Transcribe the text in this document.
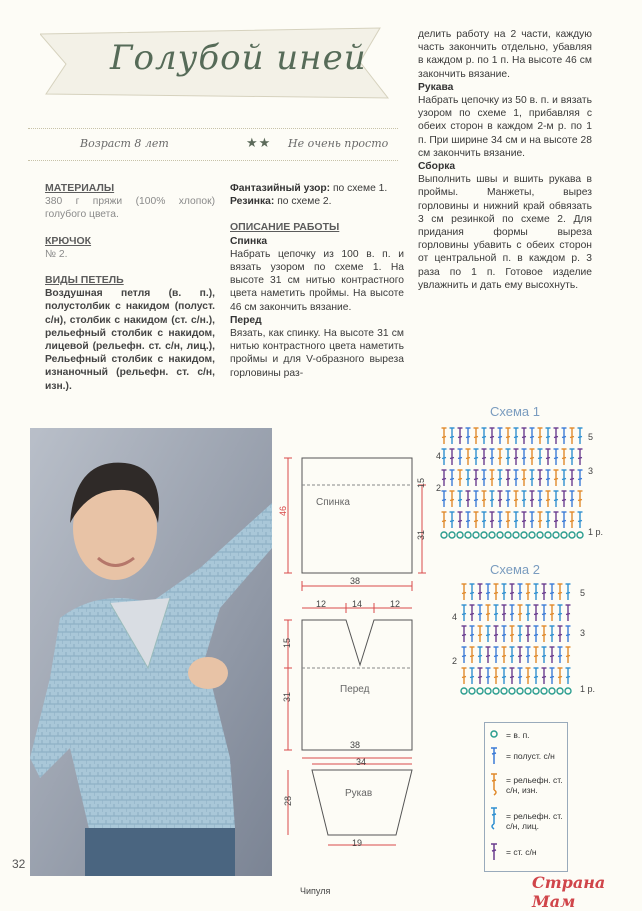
Голубой иней
Возраст 8 лет	★★ Не очень просто
МАТЕРИАЛЫ
380 г пряжи (100% хлопок) голубого цвета.
КРЮЧОК
№ 2.
ВИДЫ ПЕТЕЛЬ
Воздушная петля (в. п.), полустолбик с накидом (полуст. с/н), столбик с накидом (ст. с/н.), рельефный столбик с накидом, лицевой (рельефн. ст. с/н, лиц.), Рельефный столбик с накидом, изнаночный (рельефн. ст. с/н, изн.).
Фантазийный узор: по схеме 1.
Резинка: по схеме 2.
ОПИСАНИЕ РАБОТЫ
Спинка
Набрать цепочку из 100 в. п. и вязать узором по схеме 1. На высоте 31 см нитью контрастного цвета наметить проймы. На высоте 46 см закончить вязание.
Перед
Вязать, как спинку. На высоте 31 см нитью контрастного цвета наметить проймы и для V-образного выреза горловины раз-
делить работу на 2 части, каждую часть закончить отдельно, убавляя в каждом р. по 1 п. На высоте 46 см закончить вязание.
Рукава
Набрать цепочку из 50 в. п. и вязать узором по схеме 1, прибавляя с обеих сторон в каждом 2-м р. по 1 п. При ширине 34 см и на высоте 28 см закончить вязание.
Сборка
Выполнить швы и вшить рукава в проймы. Манжеты, вырез горловины и нижний край обвязать 3 см резинкой по схеме 2. Для придания формы выреза горловины убавить с обеих сторон от центральной п. в каждом р. 3 раза по 1 п. Готовое изделие увлажнить и дать ему высохнуть.
Спинка
46
15
31
38
12	14	12
15
31
Перед
38
34
Рукав
28
19
Схема 1
5
3
1 р.
4
2
Схема 2
5
3
1 р.
4
2
= в. п.
= полуст. с/н
= рельефн. ст. с/н, изн.
= рельефн. ст. с/н, лиц.
= ст. с/н
32
Чипуля	Страна Мам
